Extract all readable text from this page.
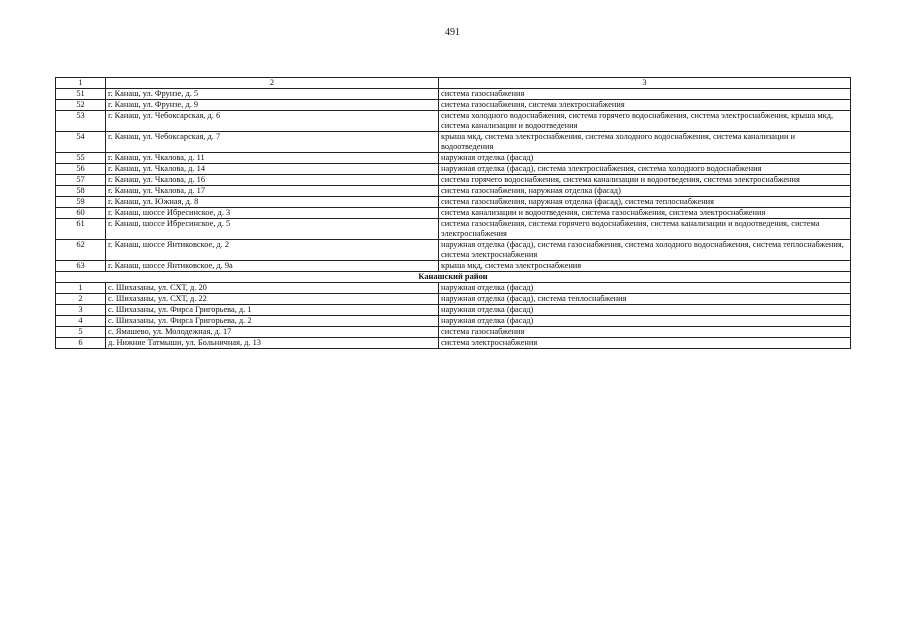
491
1	2	3
51	г. Канаш, ул. Фрунзе, д. 5	система газоснабжения
52	г. Канаш, ул. Фрунзе, д. 9	система газоснабжения, система электроснабжения
53	г. Канаш, ул. Чебоксарская, д. 6	система холодного водоснабжения, система горячего водоснабжения, система электроснабжения, крыша мкд, система канализации и водоотведения
54	г. Канаш, ул. Чебоксарская, д. 7	крыша мкд, система электроснабжения, система холодного водоснабжения, система канализации и водоотведения
55	г. Канаш, ул. Чкалова, д. 11	наружная отделка (фасад)
56	г. Канаш, ул. Чкалова, д. 14	наружная отделка (фасад), система электроснабжения, система холодного водоснабжения
57	г. Канаш, ул. Чкалова, д. 16	система горячего водоснабжения, система канализации и водоотведения, система электроснабжения
58	г. Канаш, ул. Чкалова, д. 17	система газоснабжения, наружная отделка (фасад)
59	г. Канаш, ул. Южная, д. 8	система газоснабжения, наружная отделка (фасад), система теплоснабжения
60	г. Канаш, шоссе Ибресинское, д. 3	система канализации и водоотведения, система газоснабжения, система электроснабжения
61	г. Канаш, шоссе Ибресинское, д. 5	система газоснабжения, система горячего водоснабжения, система канализации и водоотведения, система электроснабжения
62	г. Канаш, шоссе Янтиковское, д. 2	наружная отделка (фасад), система газоснабжения, система холодного водоснабжения, система теплоснабжения, система электроснабжения
63	г. Канаш, шоссе Янтиковское, д. 9а	крыша мкд, система электроснабжения
Канашский район		
1	с. Шихазаны, ул. СХТ, д. 20	наружная отделка (фасад)
2	с. Шихазаны, ул. СХТ, д. 22	наружная отделка (фасад), система теплоснабжения
3	с. Шихазаны, ул. Фирса Григорьева, д. 1	наружная отделка (фасад)
4	с. Шихазаны, ул. Фирса Григорьева, д. 2	наружная отделка (фасад)
5	с. Ямашево, ул. Молодежная, д. 17	система газоснабжения
6	д. Нижние Татмыши, ул. Больничная, д. 13	система электроснабжения
